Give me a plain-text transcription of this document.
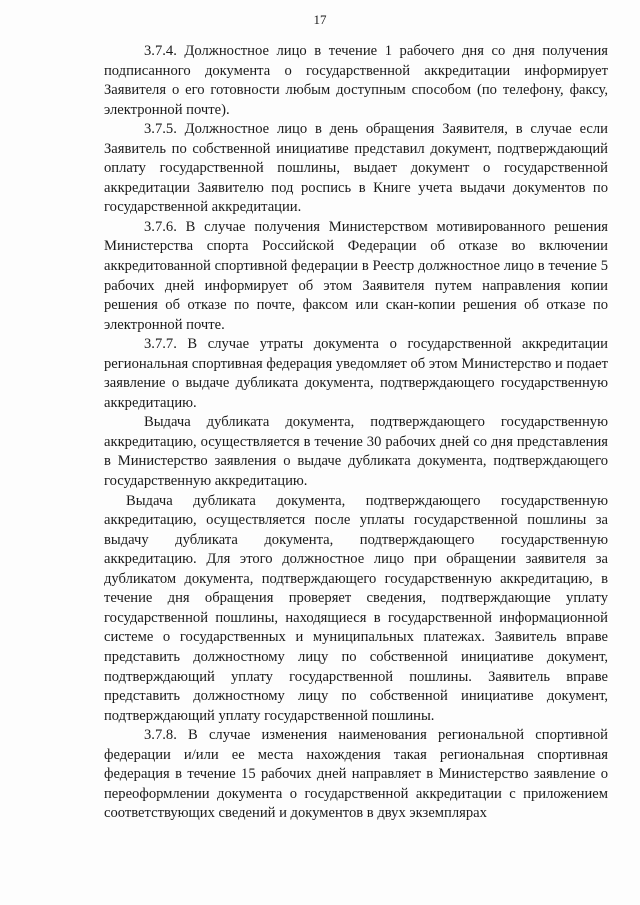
17

3.7.4. Должностное лицо в течение 1 рабочего дня со дня получения подписанного документа о государственной аккредитации информирует Заявителя о его готовности любым доступным способом (по телефону, факсу, электронной почте).

3.7.5. Должностное лицо в день обращения Заявителя, в случае если Заявитель по собственной инициативе представил документ, подтверждающий оплату государственной пошлины, выдает документ о государственной аккредитации Заявителю под роспись в Книге учета выдачи документов по государственной аккредитации.

3.7.6. В случае получения Министерством мотивированного решения Министерства спорта Российской Федерации об отказе во включении аккредитованной спортивной федерации в Реестр должностное лицо в течение 5 рабочих дней информирует об этом Заявителя путем направления копии решения об отказе по почте, факсом или скан-копии решения об отказе по электронной почте.

3.7.7. В случае утраты документа о государственной аккредитации региональная спортивная федерация уведомляет об этом Министерство и подает заявление о выдаче дубликата документа, подтверждающего государственную аккредитацию.

Выдача дубликата документа, подтверждающего государственную аккредитацию, осуществляется в течение 30 рабочих дней со дня представления в Министерство заявления о выдаче дубликата документа, подтверждающего государственную аккредитацию.

Выдача дубликата документа, подтверждающего государственную аккредитацию, осуществляется после уплаты государственной пошлины за выдачу дубликата документа, подтверждающего государственную аккредитацию. Для этого должностное лицо при обращении заявителя за дубликатом документа, подтверждающего государственную аккредитацию, в течение дня обращения проверяет сведения, подтверждающие уплату государственной пошлины, находящиеся в государственной информационной системе о государственных и муниципальных платежах. Заявитель вправе представить должностному лицу по собственной инициативе документ, подтверждающий уплату государственной пошлины. Заявитель вправе представить должностному лицу по собственной инициативе документ, подтверждающий уплату государственной пошлины.

3.7.8. В случае изменения наименования региональной спортивной федерации и/или ее места нахождения такая региональная спортивная федерация в течение 15 рабочих дней направляет в Министерство заявление о переоформлении документа о государственной аккредитации с приложением соответствующих сведений и документов в двух экземплярах
